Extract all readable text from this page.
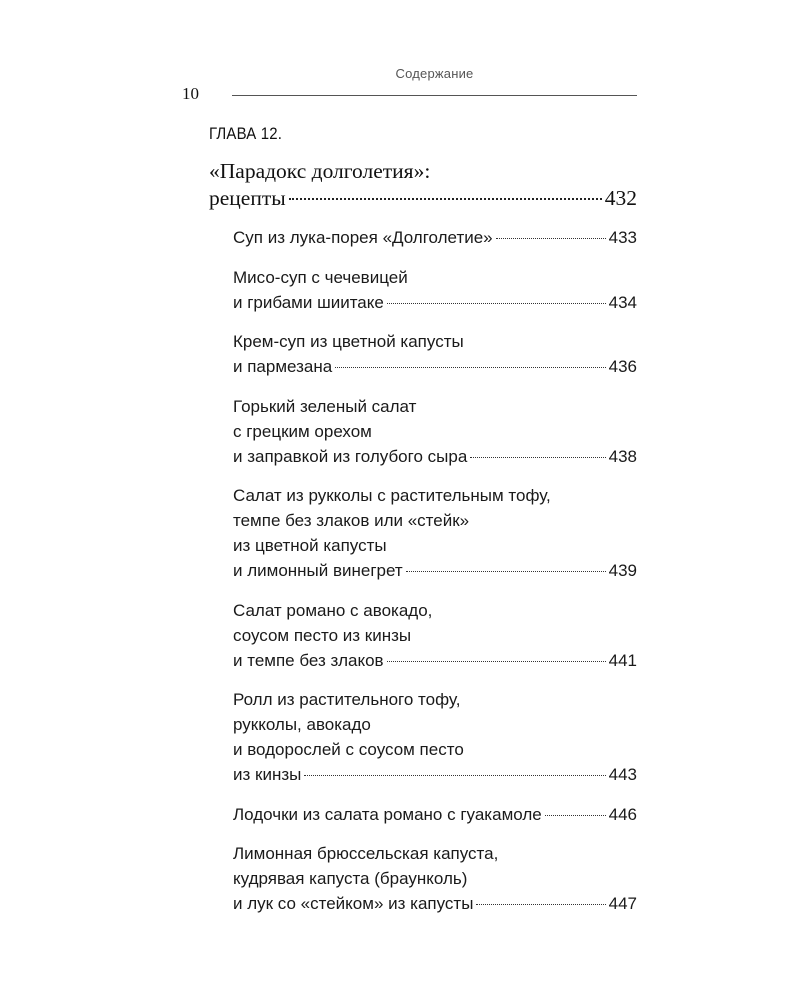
Содержание
10
ГЛАВА 12.
«Парадокс долголетия»:
рецепты	432
Суп из лука-порея «Долголетие»	433
Мисо-суп с чечевицей
и грибами шиитаке	434
Крем-суп из цветной капусты
и пармезана	436
Горький зеленый салат
с грецким орехом
и заправкой из голубого сыра	438
Салат из рукколы с растительным тофу,
темпе без злаков или «стейк»
из цветной капусты
и лимонный винегрет	439
Салат романо с авокадо,
соусом песто из кинзы
и темпе без злаков	441
Ролл из растительного тофу,
рукколы, авокадо
и водорослей с соусом песто
из кинзы	443
Лодочки из салата романо с гуакамоле	446
Лимонная брюссельская капуста,
кудрявая капуста (браунколь)
и лук со «стейком» из капусты	447
